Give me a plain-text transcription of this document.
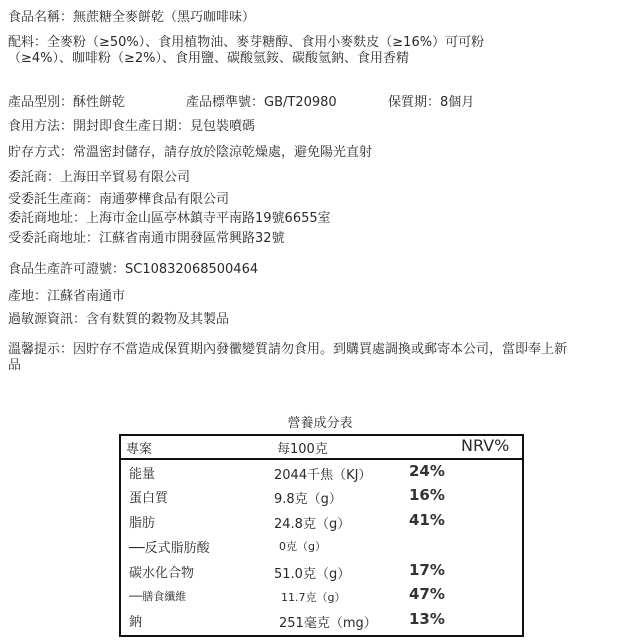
食品名稱：無蔗糖全麥餅乾（黑巧咖啡味）
配料：全麥粉（≥50%）、食用植物油、麥芽糖醇、食用小麥麩皮（≥16%）可可粉（≥4%）、咖啡粉（≥2%）、食用鹽、碳酸氫銨、碳酸氫鈉、食用香精
產品型別：酥性餅乾	產品標準號：GB/T20980	保質期：8個月
食用方法：開封即食生產日期：見包裝噴碼
貯存方式：常溫密封儲存，請存放於陰涼乾燥處，避免陽光直射
委託商：上海田辛貿易有限公司
受委託生產商：南通夢樺食品有限公司
委託商地址：上海市金山區亭林鎮寺平南路19號6655室
受委託商地址：江蘇省南通市開發區常興路32號
食品生產許可證號：SC10832068500464
產地：江蘇省南通市
過敏源資訊：含有麩質的穀物及其製品
溫馨提示：因貯存不當造成保質期內發黴變質請勿食用。到購買處調換或郵寄本公司，當即奉上新品
營養成分表
專案	每100克	NRV%
能量	2044千焦（KJ）	24%
蛋白質	9.8克（g）	16%
脂肪	24.8克（g）	41%
──反式脂肪酸	0克（g）
碳水化合物	51.0克（g）	17%
──膳食纖維	11.7克（g）	47%
鈉	251毫克（mg） 13%
